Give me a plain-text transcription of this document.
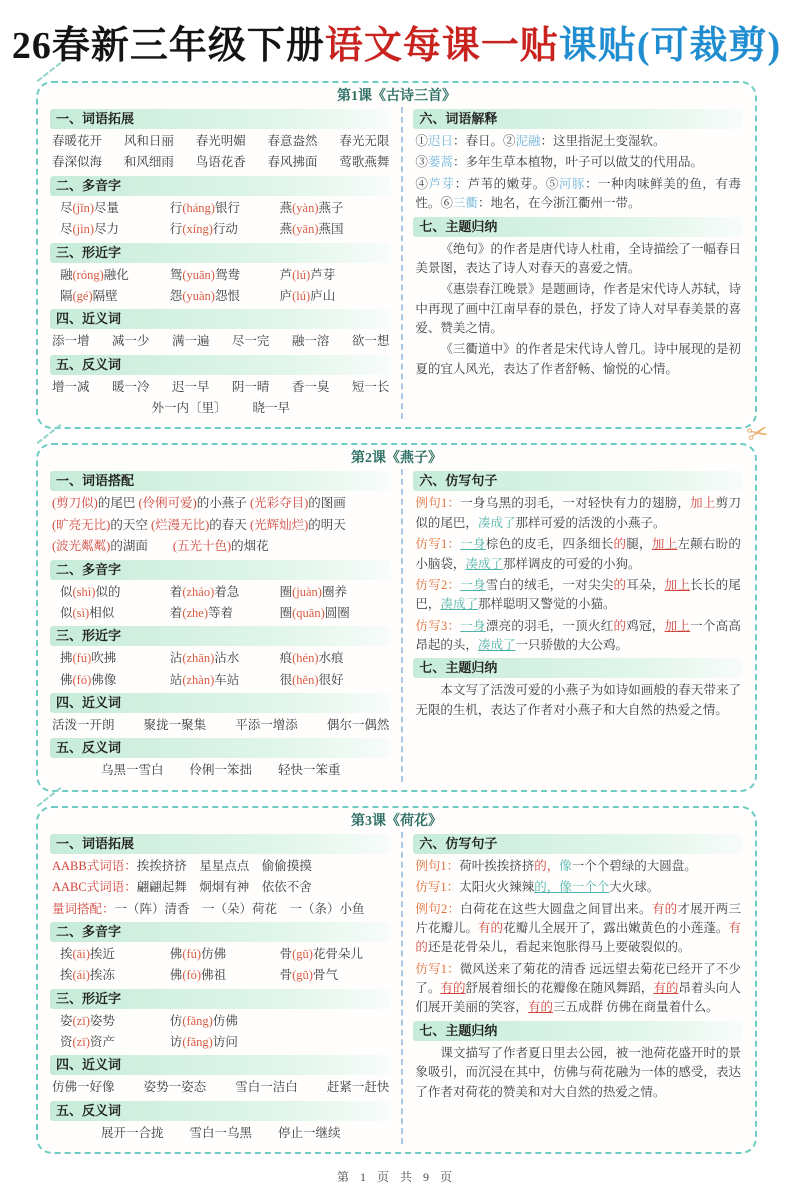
26春新三年级下册语文每课一贴课贴(可裁剪)
第1课《古诗三首》
一、词语拓展
春暖花开 风和日丽 春光明媚 春意盎然 春光无限
春深似海 和风细雨 鸟语花香 春风拂面 莺歌燕舞
二、多音字
尽(jǐn)尽量	行(háng)银行	燕(yàn)燕子
尽(jìn)尽力	行(xíng)行动	燕(yān)燕国
三、形近字
融(róng)融化	鸳(yuān)鸳鸯	芦(lú)芦芽
隔(gé)隔壁	怨(yuàn)怨恨	庐(lú)庐山
四、近义词
添一增 减一少 满一遍 尽一完 融一溶 欲一想
五、反义词
增一减 暖一冷 迟一早 阴一晴 香一臭 短一长
外一内〔里〕 晓一早
六、词语解释
①迟日：春日。②泥融：这里指泥土变湿软。
③蒌蒿：多年生草本植物，叶子可以做艾的代用品。
④芦芽：芦苇的嫩芽。⑤河豚：一种肉味鲜美的鱼，有毒性。⑥三衢：地名，在今浙江衢州一带。
七、主题归纳
《绝句》的作者是唐代诗人杜甫，全诗描绘了一幅春日美景图，表达了诗人对春天的喜爱之情。
《惠崇春江晚景》是题画诗，作者是宋代诗人苏轼，诗中再现了画中江南早春的景色，抒发了诗人对早春美景的喜爱、赞美之情。
《三衢道中》的作者是宋代诗人曾几。诗中展现的是初夏的宜人风光，表达了作者舒畅、愉悦的心情。
✂
第2课《燕子》
一、词语搭配
(剪刀似)的尾巴 (伶俐可爱)的小燕子 (光彩夺目)的图画
(旷亮无比)的天空 (烂漫无比)的春天 (光辉灿烂)的明天
(波光粼粼)的湖面　　(五光十色)的烟花
二、多音字
似(shì)似的	着(zháo)着急	圈(juàn)圈养
似(sì)相似	着(zhe)等着	圈(quān)圆圈
三、形近字
拂(fú)吹拂	沾(zhān)沾水	痕(hén)水痕
佛(fó)佛像	站(zhàn)车站	很(hěn)很好
四、近义词
活泼一开朗 聚拢一聚集 平添一增添 偶尔一偶然
五、反义词
乌黑一雪白 伶俐一笨拙 轻快一笨重
六、仿写句子
例句1：一身乌黑的羽毛，一对轻快有力的翅膀，加上剪刀似的尾巴，凑成了那样可爱的活泼的小燕子。
仿写1：一身棕色的皮毛，四条细长的腿，加上左颠右盼的小脑袋，凑成了那样调皮的可爱的小狗。
仿写2：一身雪白的绒毛，一对尖尖的耳朵，加上长长的尾巴，凑成了那样聪明又警觉的小猫。
仿写3：一身漂亮的羽毛，一顶火红的鸡冠，加上一个高高昂起的头，凑成了一只骄傲的大公鸡。
七、主题归纳
本文写了活泼可爱的小燕子为如诗如画般的春天带来了无限的生机，表达了作者对小燕子和大自然的热爱之情。
第3课《荷花》
一、词语拓展
AABB式词语：挨挨挤挤　星星点点　偷偷摸摸
AABC式词语：翩翩起舞　炯炯有神　依依不舍
量词搭配：一（阵）清香　一（朵）荷花　一（条）小鱼
二、多音字
挨(āi)挨近	佛(fú)仿佛	骨(gū)花骨朵儿
挨(ái)挨冻	佛(fó)佛祖	骨(gǔ)骨气
三、形近字
姿(zī)姿势	仿(fǎng)仿佛
资(zī)资产	访(fǎng)访问
四、近义词
仿佛一好像 姿势一姿态 雪白一洁白 赶紧一赶快
五、反义词
展开一合拢 雪白一乌黑 停止一继续
六、仿写句子
例句1：荷叶挨挨挤挤的，像一个个碧绿的大圆盘。
仿写1：太阳火火辣辣的，像一个个大火球。
例句2：白荷花在这些大圆盘之间冒出来。有的才展开两三片花瓣儿。有的花瓣儿全展开了，露出嫩黄色的小莲蓬。有的还是花骨朵儿，看起来饱胀得马上要破裂似的。
仿写1：微风送来了菊花的清香 远远望去菊花已经开了不少了。有的舒展着细长的花瓣像在随风舞蹈，有的昂着头向人们展开美丽的笑容，有的三五成群 仿佛在商量着什么。
七、主题归纳
课文描写了作者夏日里去公园，被一池荷花盛开时的景象吸引，而沉浸在其中，仿佛与荷花融为一体的感受，表达了作者对荷花的赞美和对大自然的热爱之情。
第 1 页 共 9 页
